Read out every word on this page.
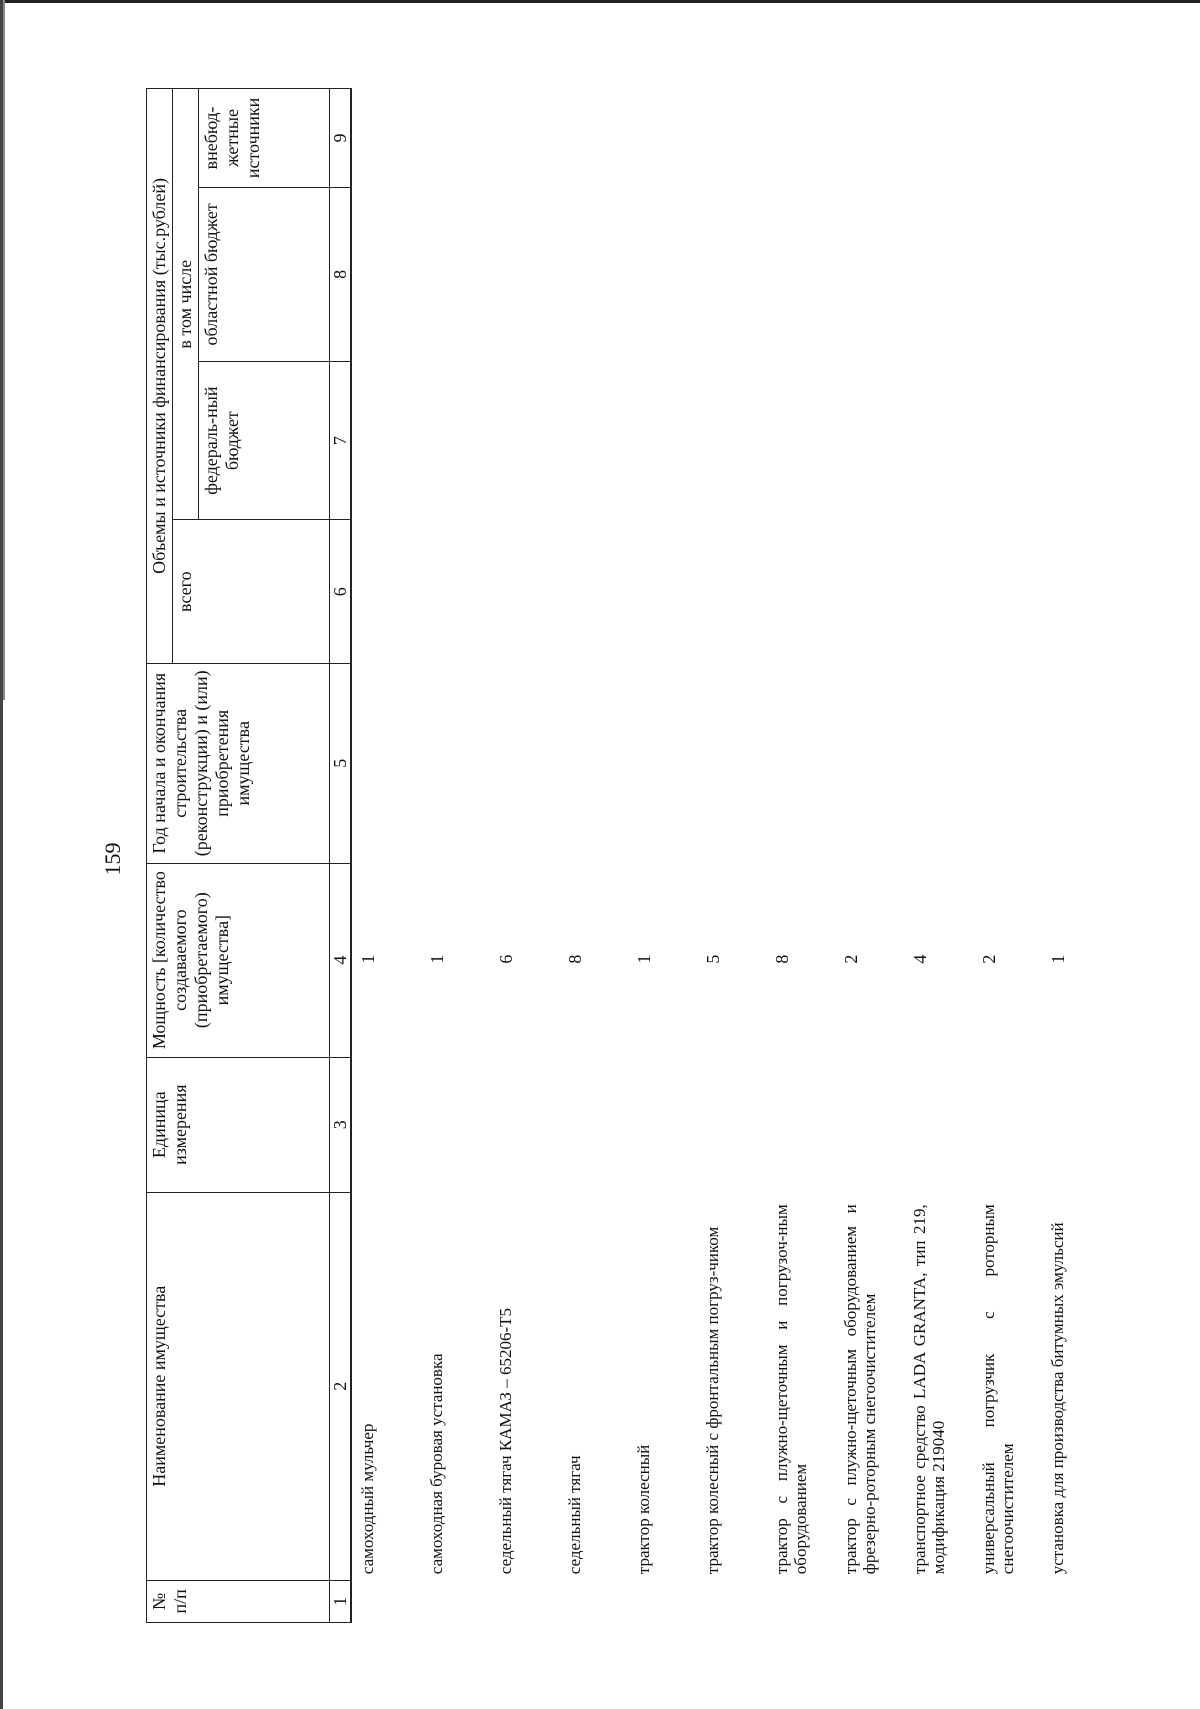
159
№ п/п	Наименование имущества	Единица измерения	Мощность [количество создаваемого (приобретаемого) имущества]	Год начала и окончания строительства (реконструкции) и (или) приобретения имущества	Объемы и источники финансирования (тыс.рублей)			
					всего	в том числе		
						федераль-ный бюджет	областной бюджет	внебюд-жетные источники
1	2	3	4	5	6	7	8	9
	самоходный мульчер		1					
	самоходная буровая установка		1					
	седельный тягач КАМАЗ – 65206-Т5		6					
	седельный тягач		8					
	трактор колесный		1					
	трактор колесный с фронтальным погруз-чиком		5					
	трактор с плужно-щеточным и погрузоч-ным оборудованием		8					
	трактор с плужно-щеточным оборудованием и фрезерно-роторным снегоочистителем		2					
	транспортное средство LADA GRANTA, тип 219, модификация 219040		4					
	универсальный погрузчик с роторным снегоочистителем		2					
	установка для производства битумных эмульсий		1					
